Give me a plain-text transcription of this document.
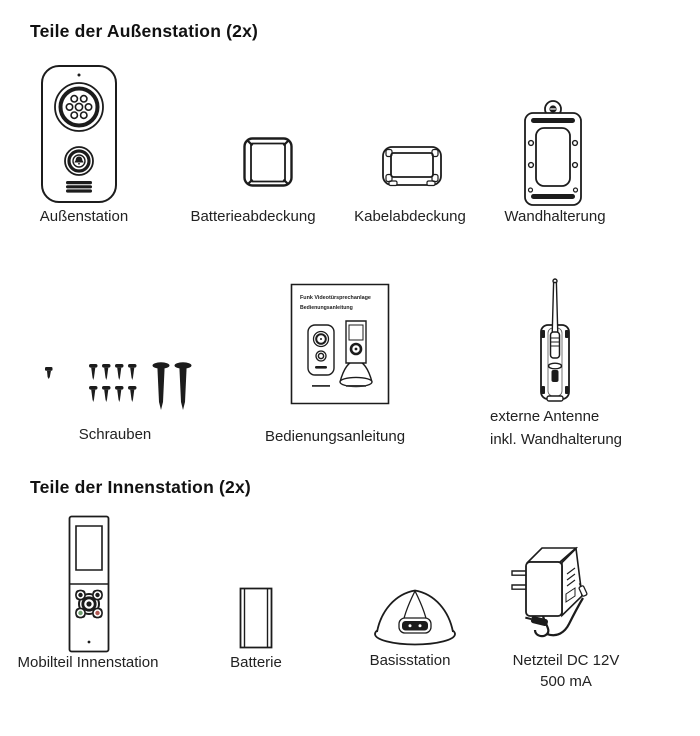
Teile der Außenstation (2x)
Außenstation	Batterieabdeckung	Kabelabdeckung	Wandhalterung
Schrauben
Funk Videotürsprechanlage
Bedienungsanleitung
Bedienungsanleitung
externe Antenne
inkl. Wandhalterung
Teile der Innenstation (2x)
Mobilteil Innenstation	Batterie	Basisstation	Netzteil DC 12V
500 mA
